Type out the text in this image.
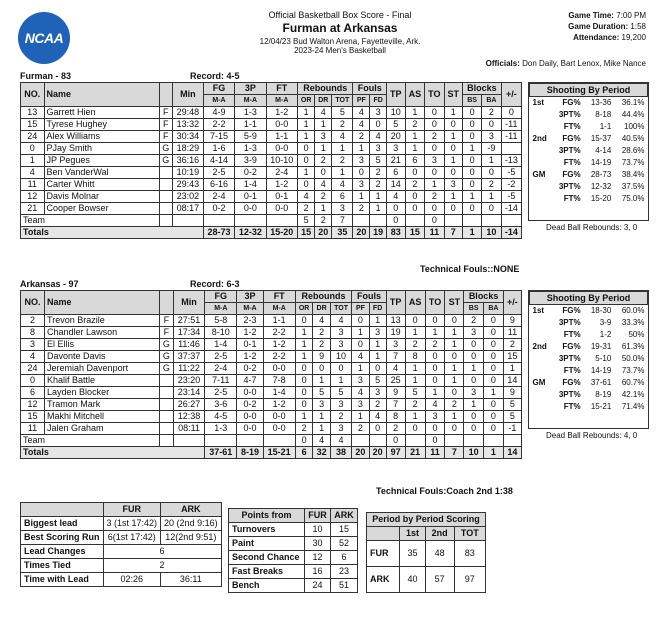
NCAA
Official Basketball Box Score - Final
Furman at Arkansas
12/04/23 Bud Walton Arena, Fayetteville, Ark.
2023-24 Men's Basketball
Game Time: 7:00 PM
Game Duration: 1:58
Attendance: 19,200
Officials: Don Daily, Bart Lenox, Mike Nance
Furman - 83	Record: 4-5
NO.	Name		Min	FG	3P	FT	Rebounds			Fouls		TP	AS	TO	ST	Blocks		+/-
				M-A	M-A	M-A	OR	DR	TOT	PF	FD					BS	BA	
13	Garrett Hien	F	29:48	4-9	1-3	1-2	1	4	5	4	3	10	1	0	1	0	2	0
15	Tyrese Hughey	F	13:32	2-2	1-1	0-0	1	1	2	4	0	5	2	0	0	0	0	-11
24	Alex Williams	F	30:34	7-15	5-9	1-1	1	3	4	2	4	20	1	2	1	0	3	-11
0	PJay Smith	G	18:29	1-6	1-3	0-0	0	1	1	1	3	3	1	0	0	1	-9	
1	JP Pegues	G	36:16	4-14	3-9	10-10	0	2	2	3	5	21	6	3	1	0	1	-13
4	Ben VanderWal		10:19	2-5	0-2	2-4	1	0	1	0	2	6	0	0	0	0	0	-5
11	Carter Whitt		29:43	6-16	1-4	1-2	0	4	4	3	2	14	2	1	3	0	2	-2
12	Davis Molnar		23:02	2-4	0-1	0-1	4	2	6	1	1	4	0	2	1	1	1	-5
21	Cooper Bowser		08:17	0-2	0-0	0-0	2	1	3	2	1	0	0	0	0	0	0	-14
Team							5	2	7			0		0				
Totals				28-73	12-32	15-20	15	20	35	20	19	83	15	11	7	1	10	-14
Shooting By Period			
1st	FG%	13-36	36.1%
	3PT%	8-18	44.4%
	FT%	1-1	100%
2nd	FG%	15-37	40.5%
	3PT%	4-14	28.6%
	FT%	14-19	73.7%
GM	FG%	28-73	38.4%
	3PT%	12-32	37.5%
	FT%	15-20	75.0%
Dead Ball Rebounds: 3, 0
Technical Fouls::NONE
Arkansas - 97	Record: 6-3
NO.	Name		Min	FG	3P	FT	Rebounds			Fouls		TP	AS	TO	ST	Blocks		+/-
				M-A	M-A	M-A	OR	DR	TOT	PF	FD					BS	BA	
2	Trevon Brazile	F	27:51	5-8	2-3	1-1	0	4	4	0	1	13	0	0	0	2	0	9
8	Chandler Lawson	F	17:34	8-10	1-2	2-2	1	2	3	1	3	19	1	1	1	3	0	11
3	El Ellis	G	11:46	1-4	0-1	1-2	1	2	3	0	1	3	2	2	1	0	0	2
4	Davonte Davis	G	37:37	2-5	1-2	2-2	1	9	10	4	1	7	8	0	0	0	0	15
24	Jeremiah Davenport	G	11:22	2-4	0-2	0-0	0	0	0	1	0	4	1	0	1	1	0	1
0	Khalif Battle		23:20	7-11	4-7	7-8	0	1	1	3	5	25	1	0	1	0	0	14
6	Layden Blocker		23:14	2-5	0-0	1-4	0	5	5	4	3	9	5	1	0	3	1	9
12	Tramon Mark		26:27	3-6	0-2	1-2	0	3	3	3	2	7	2	4	2	1	0	5
15	Makhi Mitchell		12:38	4-5	0-0	0-0	1	1	2	1	4	8	1	3	1	0	0	5
11	Jalen Graham		08:11	1-3	0-0	0-0	2	1	3	2	0	2	0	0	0	0	0	-1
Team							0	4	4			0		0				
Totals				37-61	8-19	15-21	6	32	38	20	20	97	21	11	7	10	1	14
Shooting By Period			
1st	FG%	18-30	60.0%
	3PT%	3-9	33.3%
	FT%	1-2	50%
2nd	FG%	19-31	61.3%
	3PT%	5-10	50.0%
	FT%	14-19	73.7%
GM	FG%	37-61	60.7%
	3PT%	8-19	42.1%
	FT%	15-21	71.4%
Dead Ball Rebounds: 4, 0
Technical Fouls:Coach 2nd 1:38
	FUR	ARK
Biggest lead	3 (1st 17:42)	20 (2nd 9:16)
Best Scoring Run	6(1st 17:42)	12(2nd 9:51)
Lead Changes	6	
Times Tied	2	
Time with Lead	02:26	36:11
Points from	FUR	ARK
Turnovers	10	15
Paint	30	52
Second Chance	12	6
Fast Breaks	16	23
Bench	24	51
Period by Period Scoring			
	1st	2nd	TOT
FUR	35	48	83
ARK	40	57	97
